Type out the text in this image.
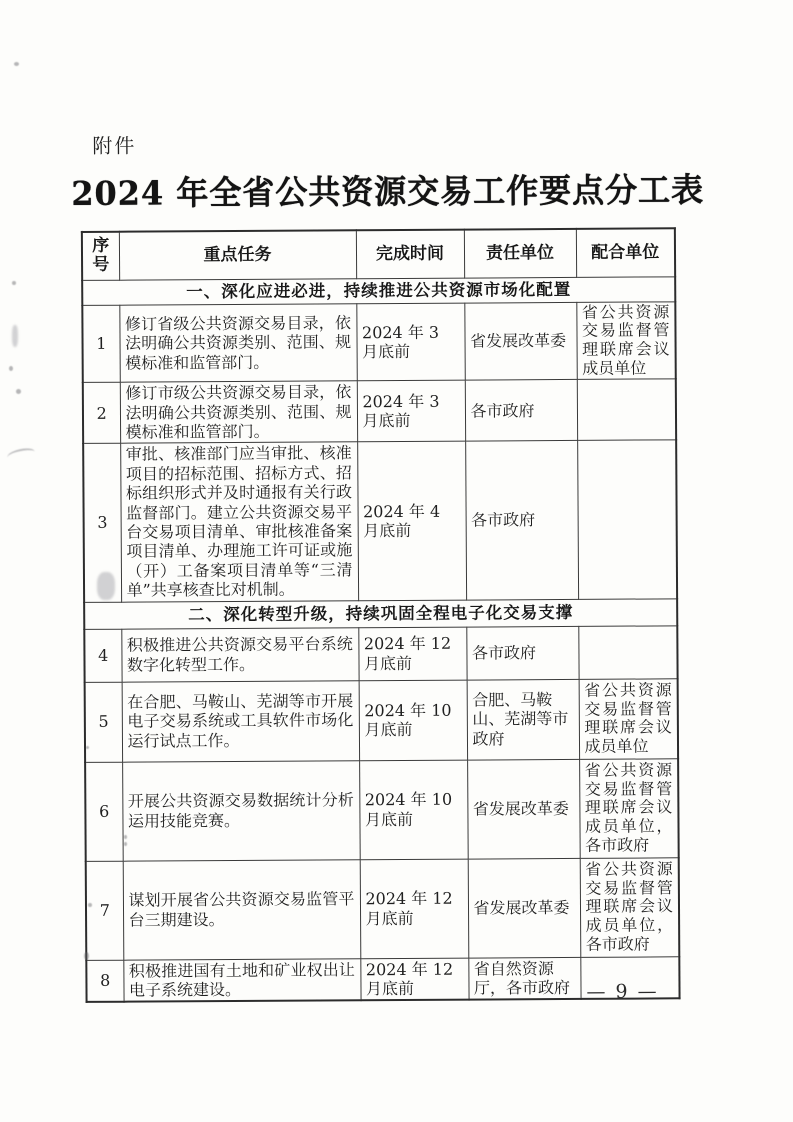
附件
2024 年全省公共资源交易工作要点分工表
序号	重点任务	完成时间	责任单位	配合单位
一、深化应进必进，持续推进公共资源市场化配置				
1	修订省级公共资源交易目录，依法明确公共资源类别、范围、规模标准和监管部门。	2024 年 3 月底前	省发展改革委	省公共资源交易监督管理联席会议成员单位
2	修订市级公共资源交易目录，依法明确公共资源类别、范围、规模标准和监管部门。	2024 年 3 月底前	各市政府	
3	审批、核准部门应当审批、核准项目的招标范围、招标方式、招标组织形式并及时通报有关行政监督部门。建立公共资源交易平台交易项目清单、审批核准备案项目清单、办理施工许可证或施（开）工备案项目清单等“三清单”共享核查比对机制。	2024 年 4 月底前	各市政府	
二、深化转型升级，持续巩固全程电子化交易支撑				
4	积极推进公共资源交易平台系统数字化转型工作。	2024 年 12 月底前	各市政府	
5	在合肥、马鞍山、芜湖等市开展电子交易系统或工具软件市场化运行试点工作。	2024 年 10 月底前	合肥、马鞍山、芜湖等市政府	省公共资源交易监督管理联席会议成员单位
6	开展公共资源交易数据统计分析运用技能竞赛。	2024 年 10 月底前	省发展改革委	省公共资源交易监督管理联席会议成员单位，各市政府
7	谋划开展省公共资源交易监管平台三期建设。	2024 年 12 月底前	省发展改革委	省公共资源交易监督管理联席会议成员单位，各市政府
8	积极推进国有土地和矿业权出让电子系统建设。	2024 年 12 月底前	省自然资源厅，各市政府	— 9 —
